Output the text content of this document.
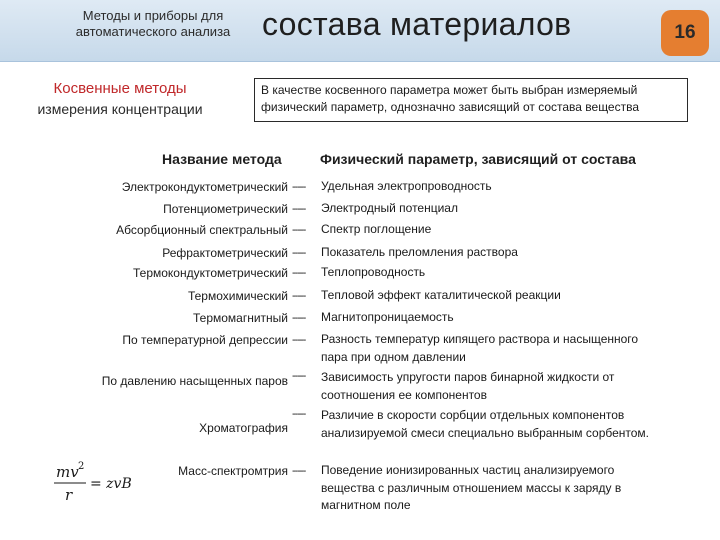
Методы и приборы для
автоматического анализа состава материалов	16
Косвенные методы
измерения концентрации
В качестве косвенного параметра может быть выбран измеряемый физический параметр, однозначно зависящий от состава вещества
Название метода	Физический параметр, зависящий от состава
Электрокондуктометрический ----- Удельная электропроводность
Потенциометрический ----- Электродный потенциал
Абсорбционный спектральный ----- Спектр поглощение
Рефрактометрический ----- Показатель преломления раствора
Термокондуктометрический ----- Теплопроводность
Термохимический ----- Тепловой эффект каталитической реакции
Термомагнитный ----- Магнитопроницаемость
По температурной депрессии ----- Разность температур кипящего раствора и насыщенного пара при одном давлении
По давлению насыщенных паров ----- Зависимость упругости паров бинарной жидкости от соотношения ее компонентов
Хроматография
----- Различие в скорости сорбции отдельных компонентов анализируемой смеси специально выбранным сорбентом.
Масс-спектромтрия ----- Поведение ионизированных частиц анализируемого вещества с различным отношением массы к заряду в магнитном поле
mv 2
r
= zvB
